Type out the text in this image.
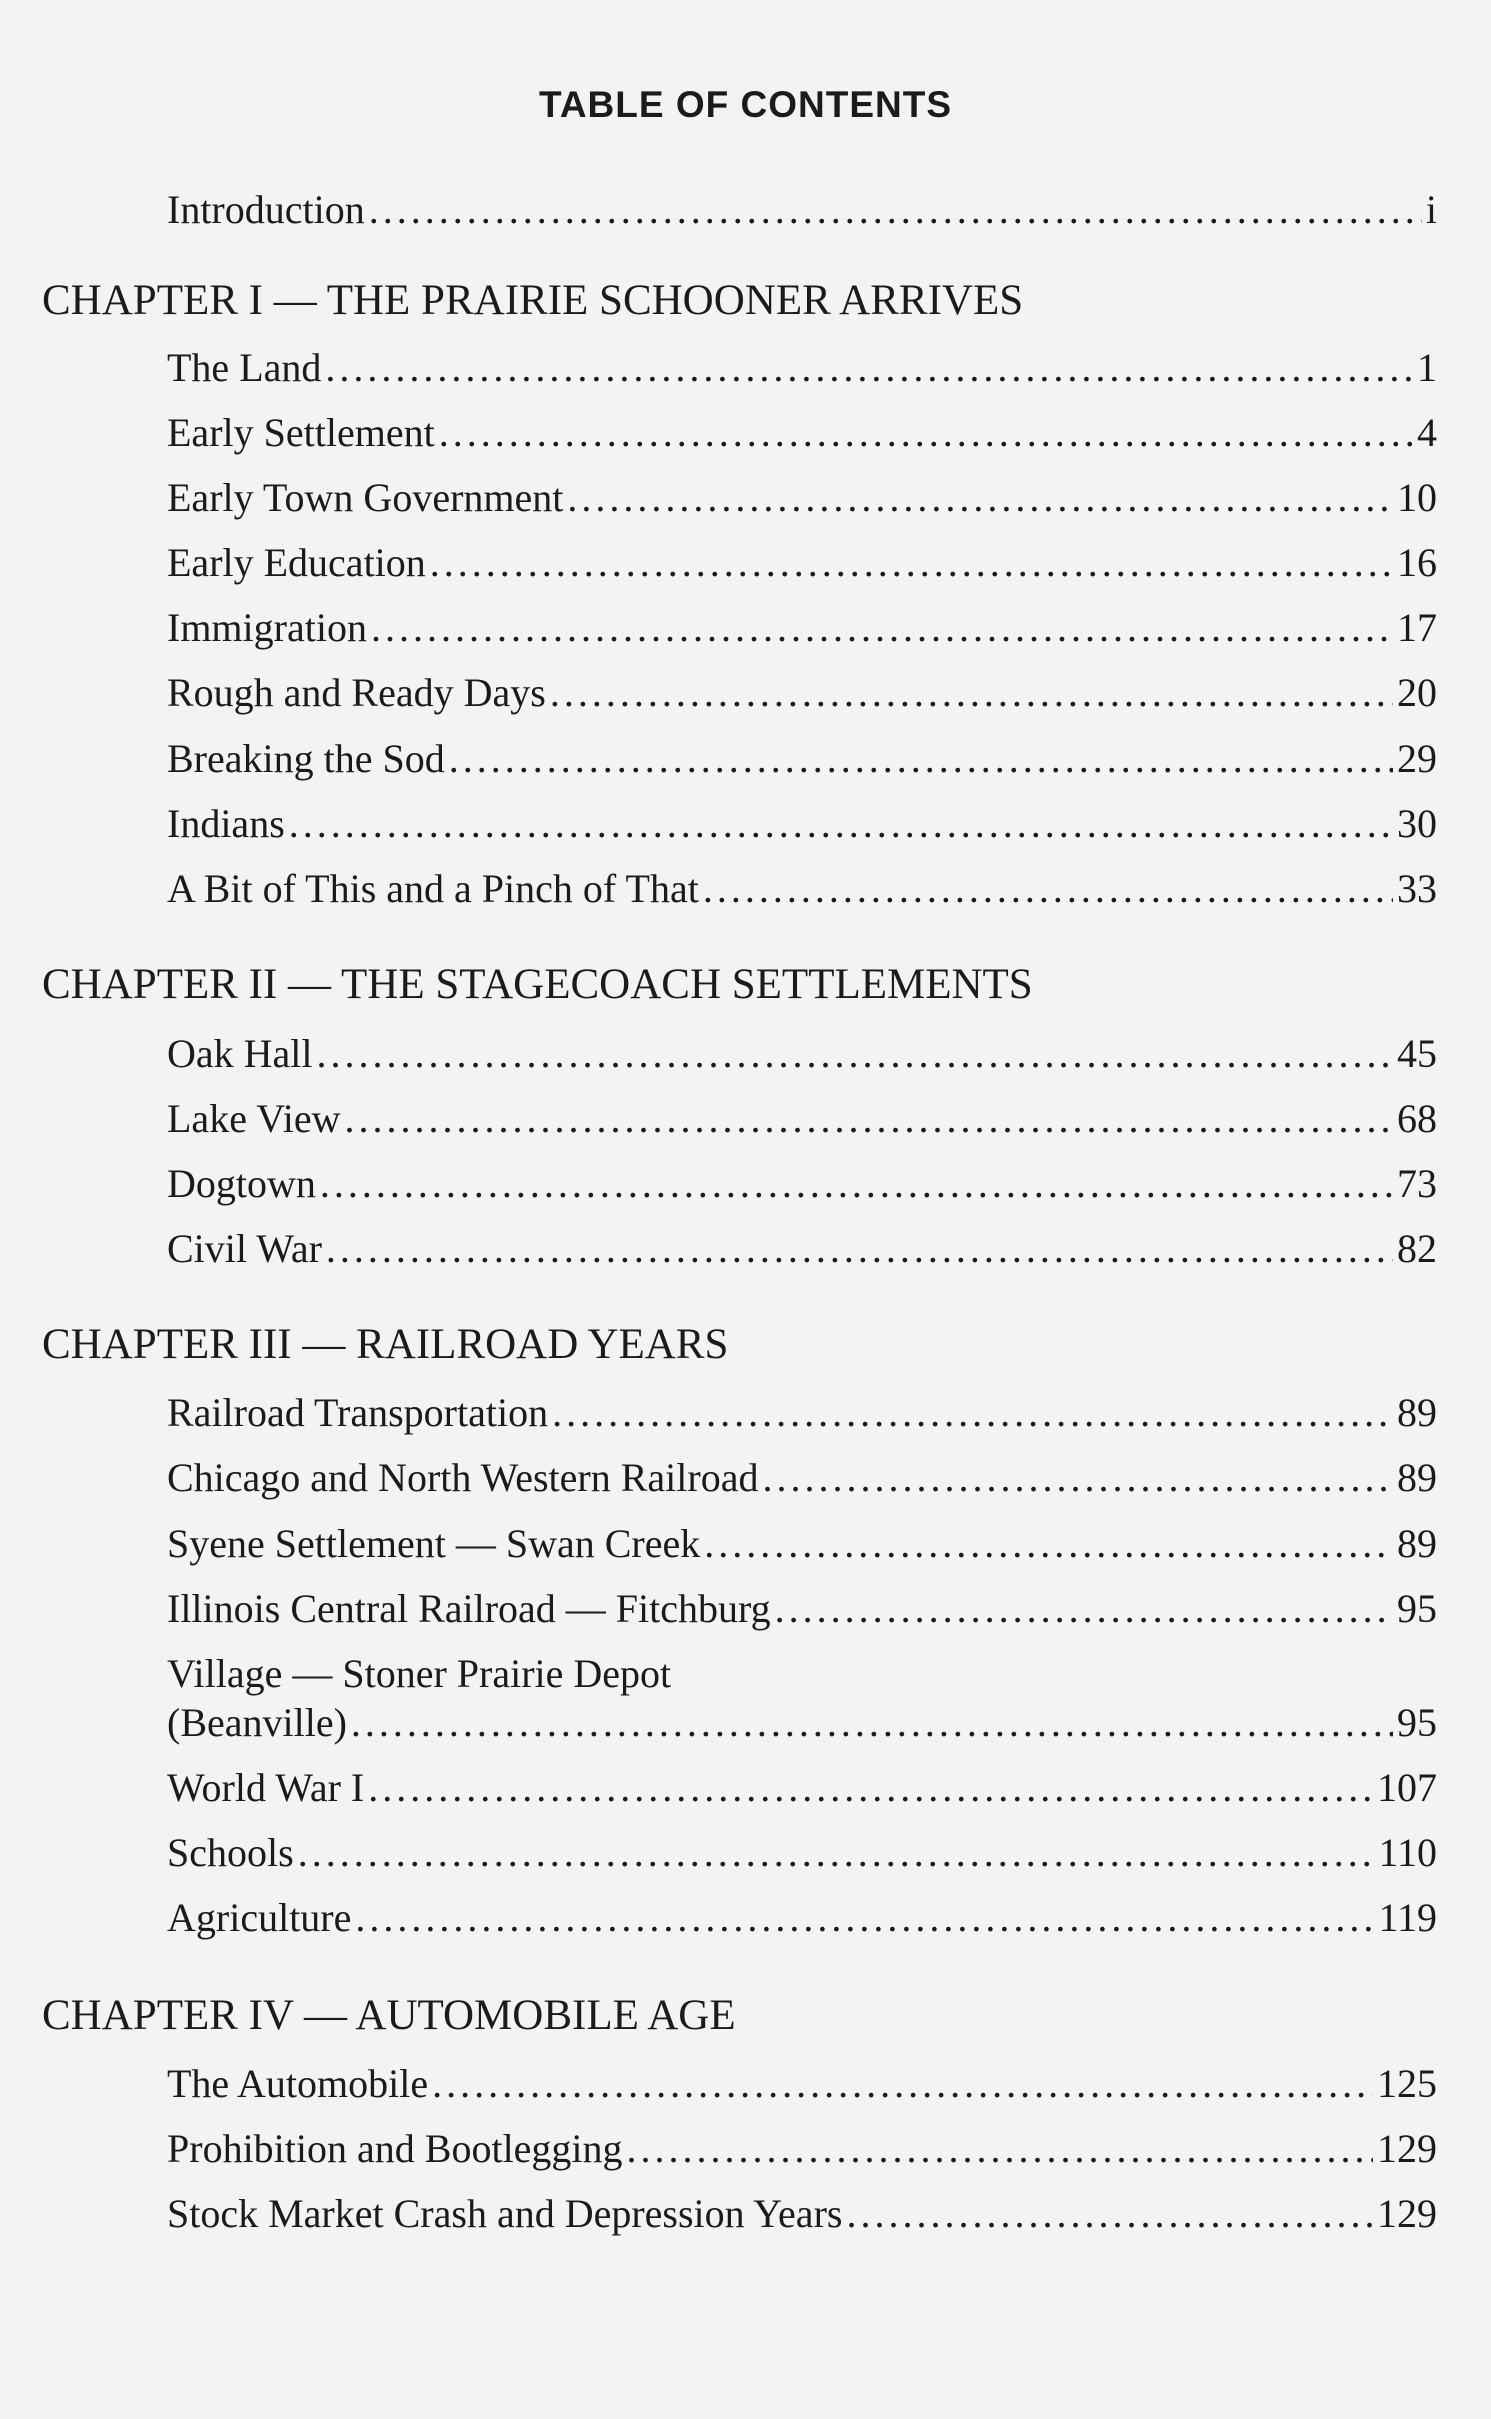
TABLE OF CONTENTS
Introduction . . .	i
CHAPTER I — THE PRAIRIE SCHOONER ARRIVES
The Land . . .	1
Early Settlement . . .	4
Early Town Government . . .	10
Early Education . . .	16
Immigration . . .	17
Rough and Ready Days . . .	20
Breaking the Sod . . .	29
Indians . . .	30
A Bit of This and a Pinch of That . . .	33
CHAPTER II — THE STAGECOACH SETTLEMENTS
Oak Hall . . .	45
Lake View . . .	68
Dogtown . . .	73
Civil War . . .	82
CHAPTER III — RAILROAD YEARS
Railroad Transportation . . .	89
Chicago and North Western Railroad . . .	89
Syene Settlement — Swan Creek . . .	89
Illinois Central Railroad — Fitchburg . . .	95
Village — Stoner Prairie Depot
(Beanville) . . .	95
World War I . . .	107
Schools . . .	110
Agriculture . . .	119
CHAPTER IV — AUTOMOBILE AGE
The Automobile . . .	125
Prohibition and Bootlegging . . .	129
Stock Market Crash and Depression Years . . .	129
